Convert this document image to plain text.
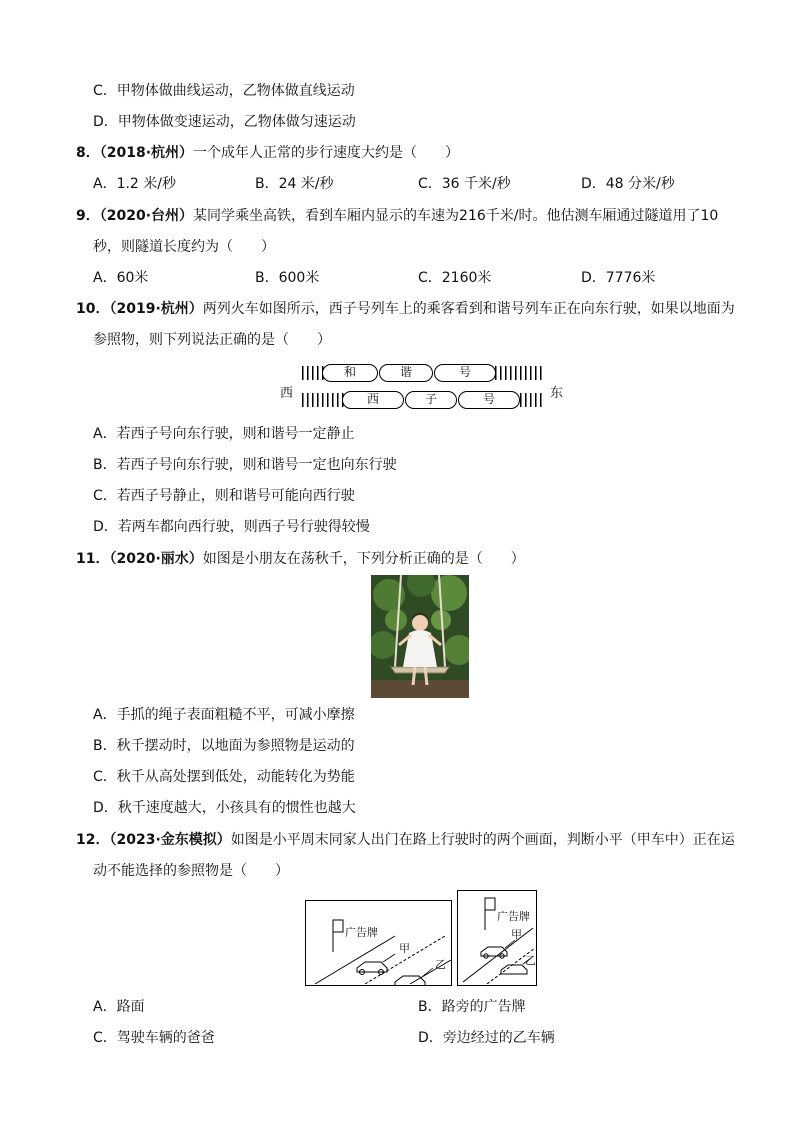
C．甲物体做曲线运动，乙物体做直线运动
D．甲物体做变速运动，乙物体做匀速运动
8．（2018·杭州）一个成年人正常的步行速度大约是（　　）
A．1.2 米/秒	B．24 米/秒	C．36 千米/秒	D．48 分米/秒
9．（2020·台州）某同学乘坐高铁，看到车厢内显示的车速为216千米/时。他估测车厢通过隧道用了10
秒，则隧道长度约为（　　）
A．60米	B．600米	C．2160米	D．7776米
10．（2019·杭州）两列火车如图所示，西子号列车上的乘客看到和谐号列车正在向东行驶，如果以地面为
参照物，则下列说法正确的是（　　）
西	东
和	谐	号
西	子	号
A．若西子号向东行驶，则和谐号一定静止
B．若西子号向东行驶，则和谐号一定也向东行驶
C．若西子号静止，则和谐号可能向西行驶
D．若两车都向西行驶，则西子号行驶得较慢
11．（2020·丽水）如图是小朋友在荡秋千，下列分析正确的是（　　）
A．手抓的绳子表面粗糙不平，可减小摩擦
B．秋千摆动时，以地面为参照物是运动的
C．秋千从高处摆到低处，动能转化为势能
D．秋千速度越大，小孩具有的惯性也越大
12．（2023·金东模拟）如图是小平周末同家人出门在路上行驶时的两个画面，判断小平（甲车中）正在运
动不能选择的参照物是（　　）
广告牌
甲
乙
广告牌
甲
乙
A．路面	B．路旁的广告牌
C．驾驶车辆的爸爸	D．旁边经过的乙车辆
